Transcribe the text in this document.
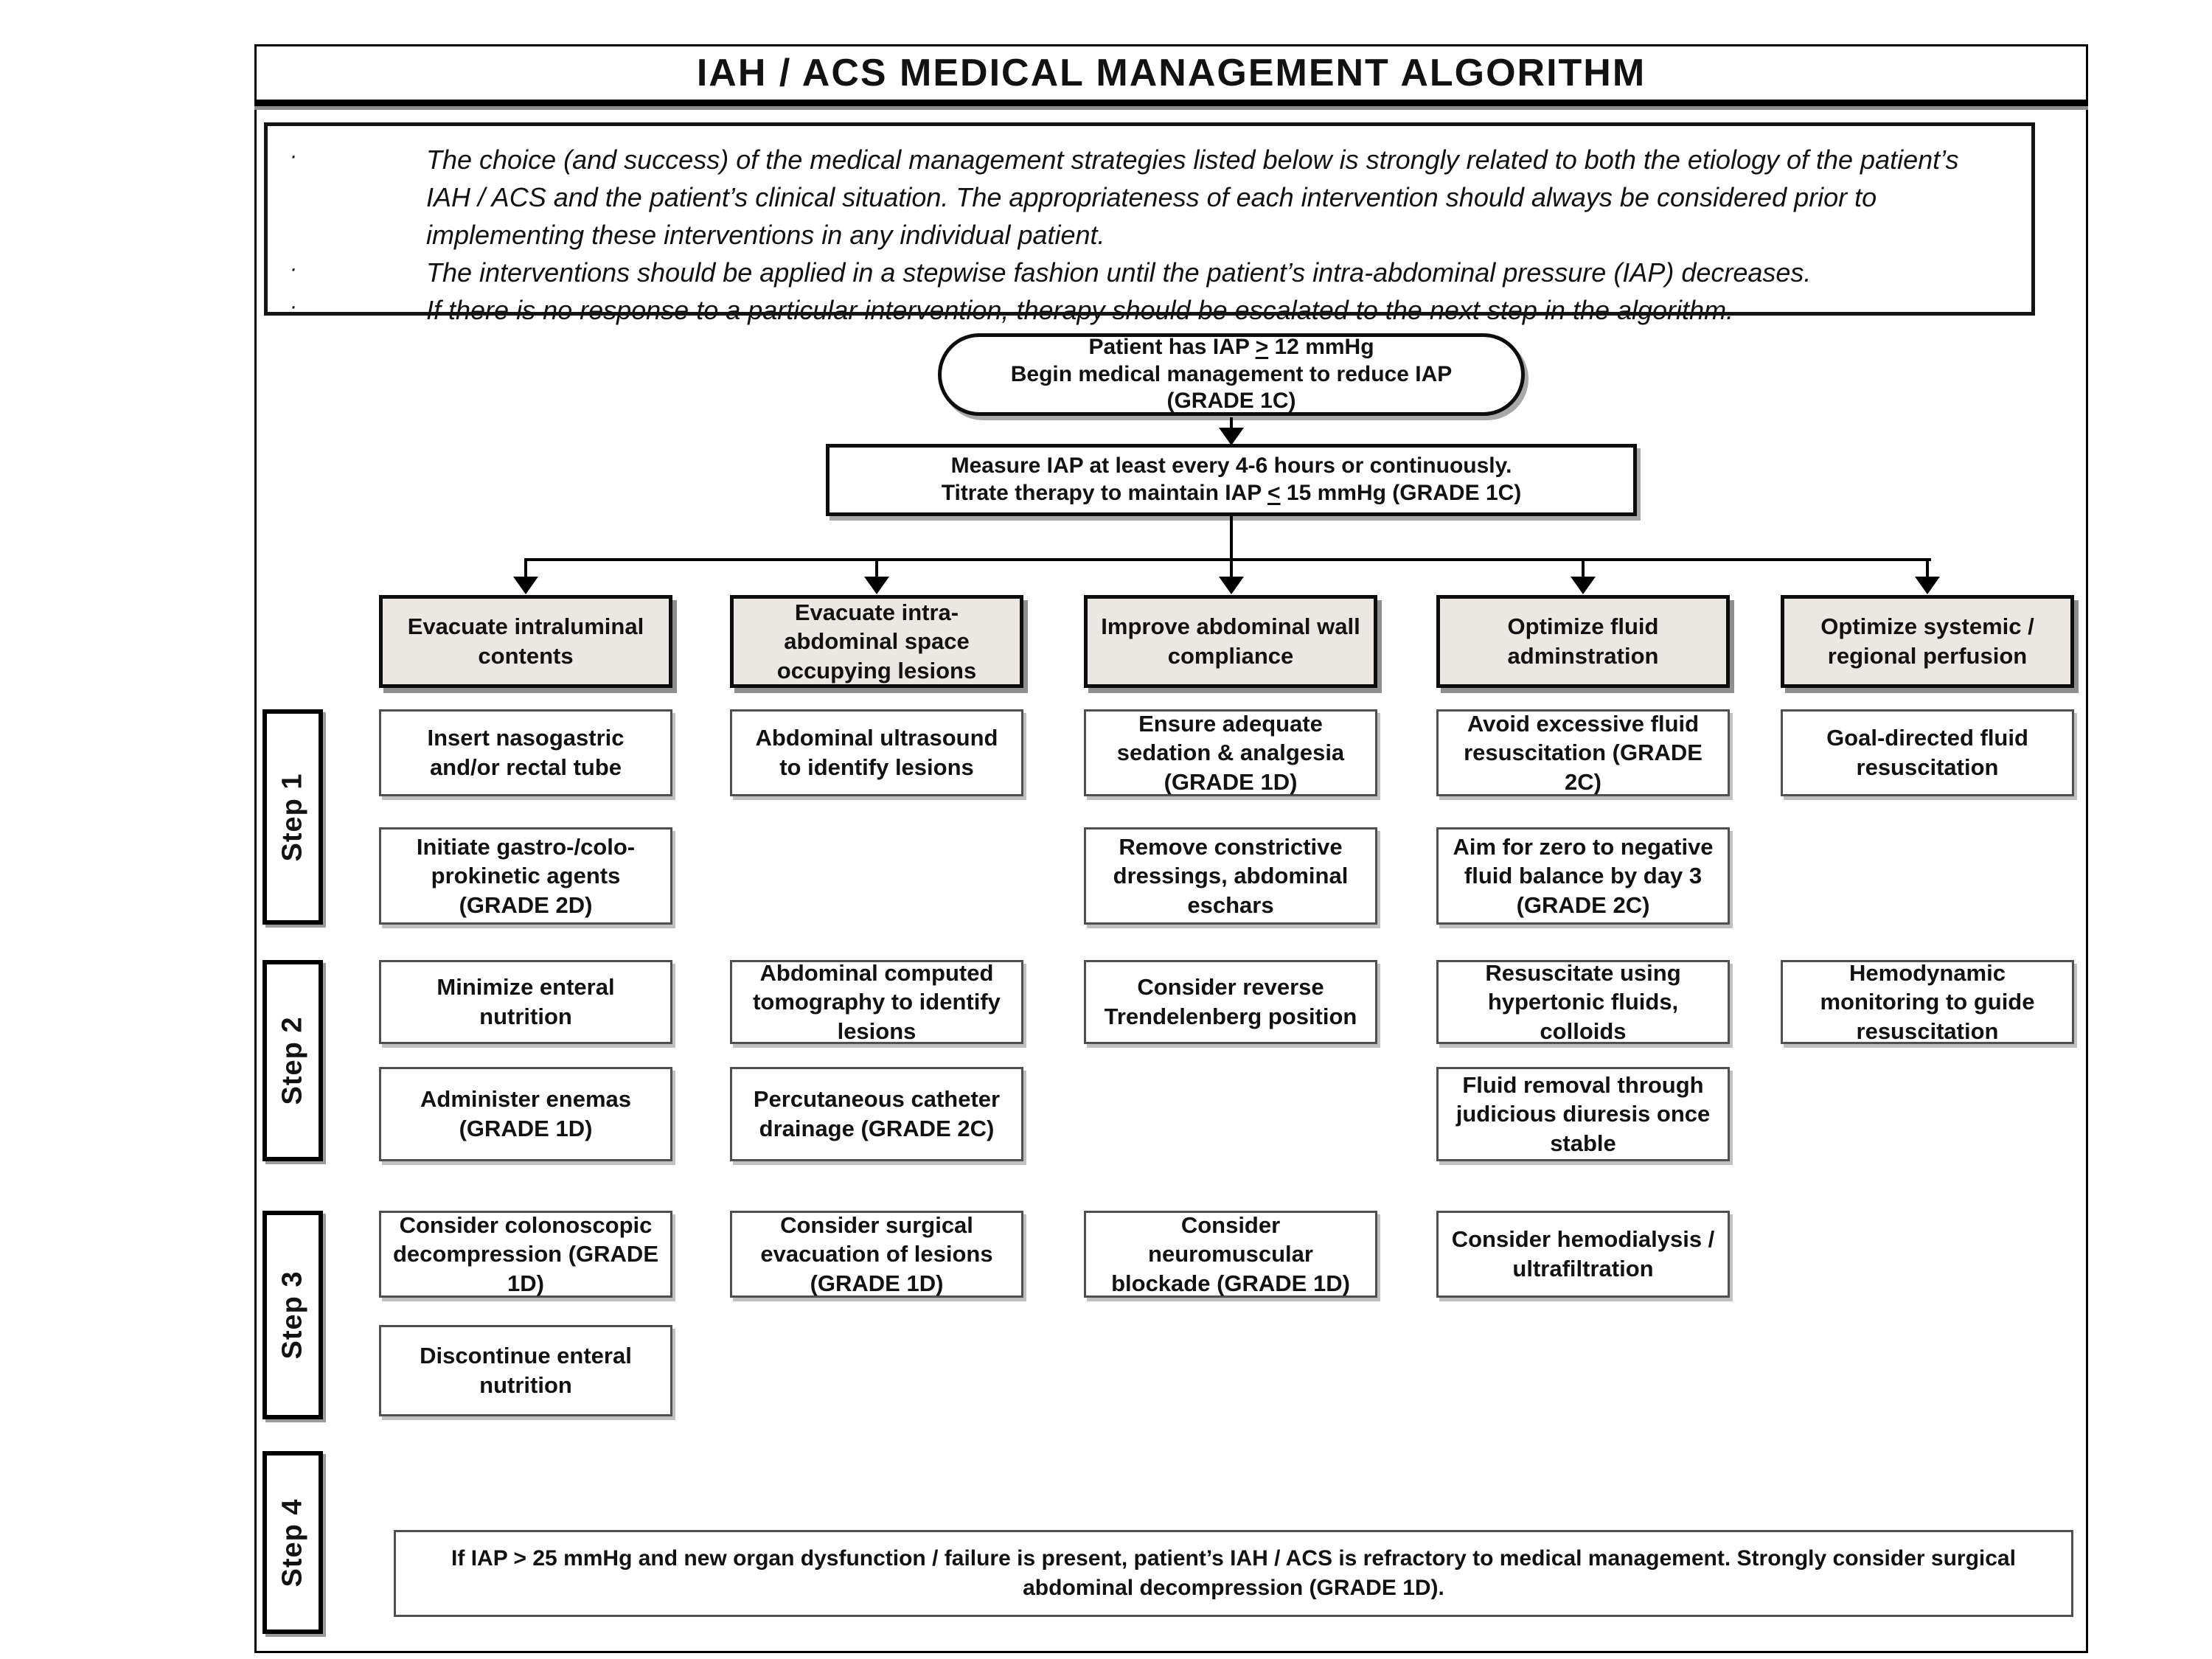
IAH / ACS MEDICAL MANAGEMENT ALGORITHM
·	The choice (and success) of the medical management strategies listed below is strongly related to both the etiology of the patient’s IAH / ACS and the patient’s clinical situation. The appropriateness of each intervention should always be considered prior to implementing these interventions in any individual patient.
·	The interventions should be applied in a stepwise fashion until the patient’s intra-abdominal pressure (IAP) decreases.
·	If there is no response to a particular intervention, therapy should be escalated to the next step in the algorithm.
Patient has IAP ≥ 12 mmHg
Begin medical management to reduce IAP
(GRADE 1C)
Measure IAP at least every 4-6 hours or continuously.
Titrate therapy to maintain IAP ≤ 15 mmHg (GRADE 1C)
Evacuate intraluminal contents
Evacuate intra-abdominal space occupying lesions
Improve abdominal wall compliance
Optimize fluid adminstration
Optimize systemic / regional perfusion
Step 1
Step 2
Step 3
Step 4
Insert nasogastric and/or rectal tube
Abdominal ultrasound to identify lesions
Ensure adequate sedation & analgesia (GRADE 1D)
Avoid excessive fluid resuscitation (GRADE 2C)
Goal-directed fluid resuscitation
Initiate gastro-/colo-prokinetic agents (GRADE 2D)
Remove constrictive dressings, abdominal eschars
Aim for zero to negative fluid balance by day 3 (GRADE 2C)
Minimize enteral nutrition
Abdominal computed tomography to identify lesions
Consider reverse Trendelenberg position
Resuscitate using hypertonic fluids, colloids
Hemodynamic monitoring to guide resuscitation
Administer enemas (GRADE 1D)
Percutaneous catheter drainage (GRADE 2C)
Fluid removal through judicious diuresis once stable
Consider colonoscopic decompression (GRADE 1D)
Consider surgical evacuation of lesions (GRADE 1D)
Consider neuromuscular blockade (GRADE 1D)
Consider hemodialysis / ultrafiltration
Discontinue enteral nutrition
If IAP > 25 mmHg and new organ dysfunction / failure is present, patient’s IAH / ACS is refractory to medical management. Strongly consider surgical abdominal decompression (GRADE 1D).
